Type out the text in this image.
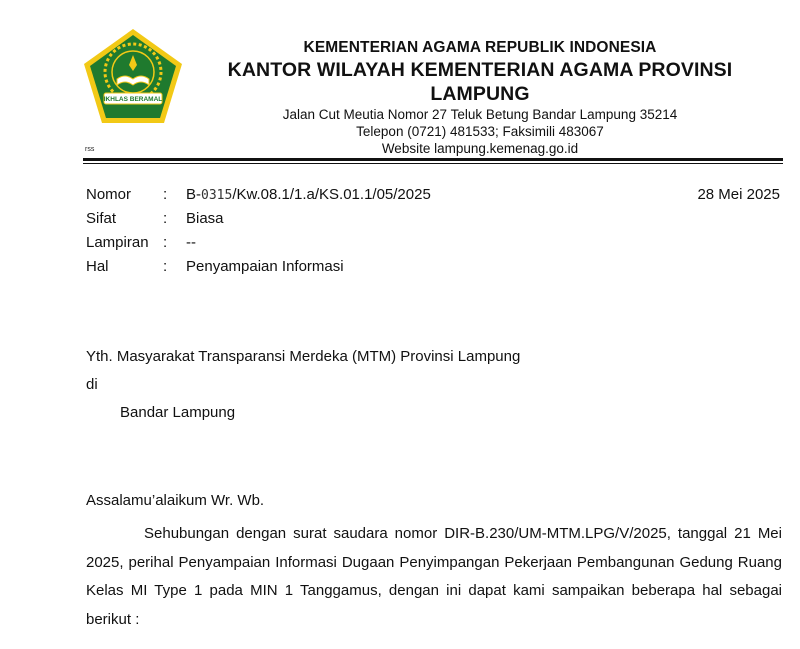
IKHLAS BERAMAL
rss
KEMENTERIAN AGAMA REPUBLIK INDONESIA
KANTOR WILAYAH KEMENTERIAN AGAMA PROVINSI LAMPUNG
Jalan Cut Meutia Nomor 27 Teluk Betung Bandar Lampung 35214
Telepon (0721) 481533; Faksimili 483067
Website lampung.kemenag.go.id
Nomor : B-0315/Kw.08.1/1.a/KS.01.1/05/2025
Sifat	: Biasa
Lampiran : --
Hal	: Penyampaian Informasi
28 Mei 2025
Yth. Masyarakat Transparansi Merdeka (MTM) Provinsi Lampung
di
Bandar Lampung
Assalamu’alaikum Wr. Wb.

Sehubungan dengan surat saudara nomor DIR-B.230/UM-MTM.LPG/V/2025, tanggal 21 Mei 2025, perihal Penyampaian Informasi Dugaan Penyimpangan Pekerjaan Pembangunan Gedung Ruang Kelas MI Type 1 pada MIN 1 Tanggamus, dengan ini dapat kami sampaikan beberapa hal sebagai berikut :
